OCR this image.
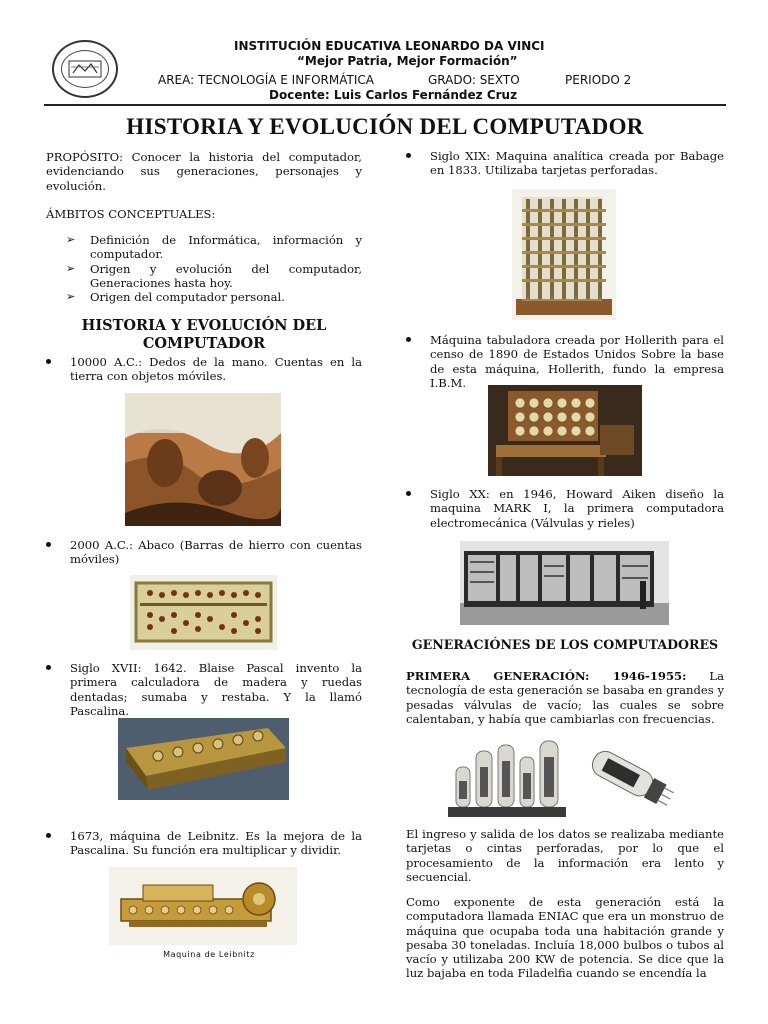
INSTITUCIÓN EDUCATIVA LEONARDO DA VINCI
“Mejor Patria, Mejor Formación”
AREA: TECNOLOGÍA E INFORMÁTICA	GRADO: SEXTO	PERIODO 2
Docente: Luis Carlos Fernández Cruz
HISTORIA Y EVOLUCIÓN DEL COMPUTADOR

PROPÓSITO: Conocer la historia del computador, evidenciando sus generaciones, personajes y evolución.

ÁMBITOS CONCEPTUALES:

➢ Definición de Informática, información y computador.
➢ Origen y evolución del computador, Generaciones hasta hoy.
➢ Origen del computador personal.
HISTORIA Y EVOLUCIÓN DEL COMPUTADOR
10000 A.C.: Dedos de la mano. Cuentas en la tierra con objetos móviles.
2000 A.C.: Abaco (Barras de hierro con cuentas móviles)
Siglo XVII: 1642. Blaise Pascal invento la primera calculadora de madera y ruedas dentadas; sumaba y restaba. Y la llamó Pascalina.
1673, máquina de Leibnitz. Es la mejora de la Pascalina. Su función era multiplicar y dividir.
Maquina de Leibnitz
Siglo XIX: Maquina analítica creada por Babage en 1833. Utilizaba tarjetas perforadas.
Máquina tabuladora creada por Hollerith para el censo de 1890 de Estados Unidos Sobre la base de esta máquina, Hollerith, fundo la empresa I.B.M.
Siglo XX: en 1946, Howard Aiken diseño la maquina MARK I, la primera computadora electromecánica (Válvulas y rieles)
GENERACIÓNES DE LOS COMPUTADORES

PRIMERA GENERACIÓN: 1946-1955: La tecnología de esta generación se basaba en grandes y pesadas válvulas de vacío; las cuales se sobre calentaban, y había que cambiarlas con frecuencias.

El ingreso y salida de los datos se realizaba mediante tarjetas o cintas perforadas, por lo que el procesamiento de la información era lento y secuencial.

Como exponente de esta generación está la computadora llamada ENIAC que era un monstruo de máquina que ocupaba toda una habitación grande y pesaba 30 toneladas. Incluía 18,000 bulbos o tubos al vacío y utilizaba 200 KW de potencia. Se dice que la luz bajaba en toda Filadelfia cuando se encendía la
